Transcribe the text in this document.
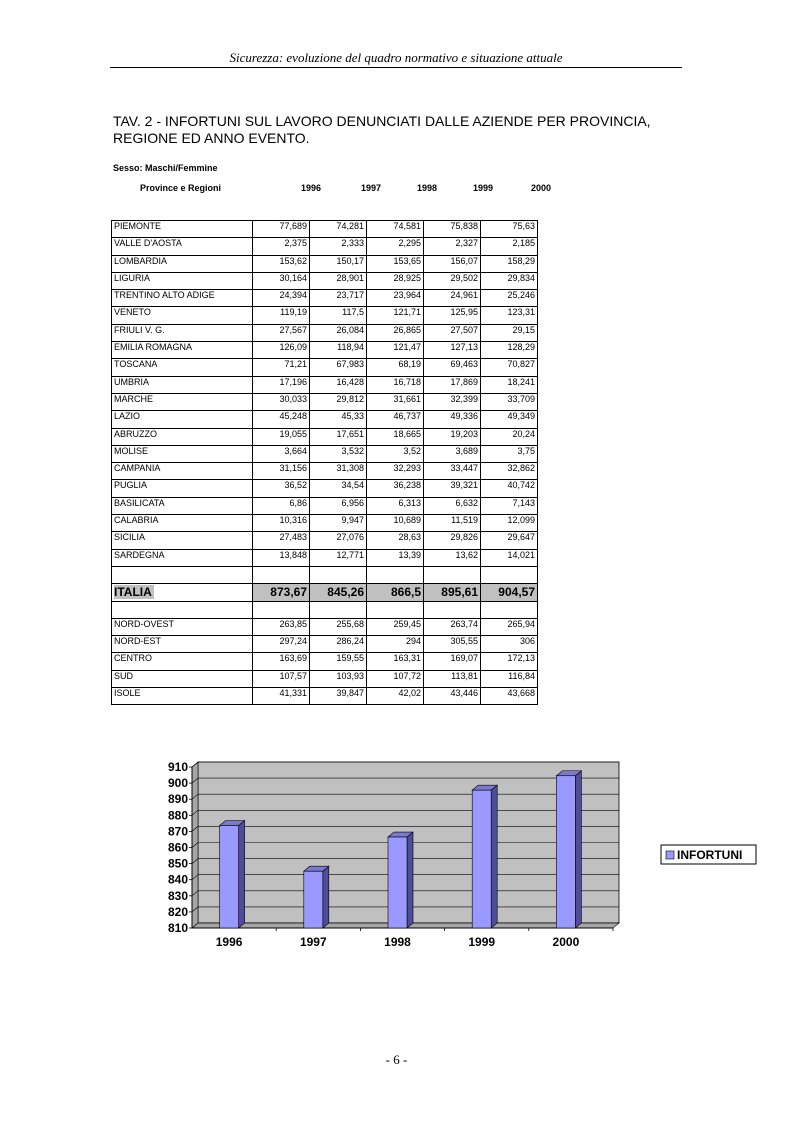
Sicurezza: evoluzione del quadro normativo e situazione attuale
TAV. 2 - INFORTUNI SUL LAVORO DENUNCIATI DALLE AZIENDE PER PROVINCIA, REGIONE ED ANNO EVENTO.
Sesso: Maschi/Femmine
Province e Regioni	1996	1997	1998	1999	2000
PIEMONTE	77,689	74,281	74,581	75,838	75,63
VALLE D'AOSTA	2,375	2,333	2,295	2,327	2,185
LOMBARDIA	153,62	150,17	153,65	156,07	158,29
LIGURIA	30,164	28,901	28,925	29,502	29,834
TRENTINO ALTO ADIGE	24,394	23,717	23,964	24,961	25,246
VENETO	119,19	117,5	121,71	125,95	123,31
FRIULI V. G.	27,567	26,084	26,865	27,507	29,15
EMILIA ROMAGNA	126,09	118,94	121,47	127,13	128,29
TOSCANA	71,21	67,983	68,19	69,463	70,827
UMBRIA	17,196	16,428	16,718	17,869	18,241
MARCHE	30,033	29,812	31,661	32,399	33,709
LAZIO	45,248	45,33	46,737	49,336	49,349
ABRUZZO	19,055	17,651	18,665	19,203	20,24
MOLISE	3,664	3,532	3,52	3,689	3,75
CAMPANIA	31,156	31,308	32,293	33,447	32,862
PUGLIA	36,52	34,54	36,238	39,321	40,742
BASILICATA	6,86	6,956	6,313	6,632	7,143
CALABRIA	10,316	9,947	10,689	11,519	12,099
SICILIA	27,483	27,076	28,63	29,826	29,647
SARDEGNA	13,848	12,771	13,39	13,62	14,021

ITALIA	873,67	845,26	866,5	895,61	904,57

NORD-OVEST	263,85	255,68	259,45	263,74	265,94
NORD-EST	297,24	286,24	294	305,55	306
CENTRO	163,69	159,55	163,31	169,07	172,13
SUD	107,57	103,93	107,72	113,81	116,84
ISOLE	41,331	39,847	42,02	43,446	43,668
810
820
830
840
850
860
870
880
890
900
910
1996	1997	1998	1999	2000
INFORTUNI
- 6 -
